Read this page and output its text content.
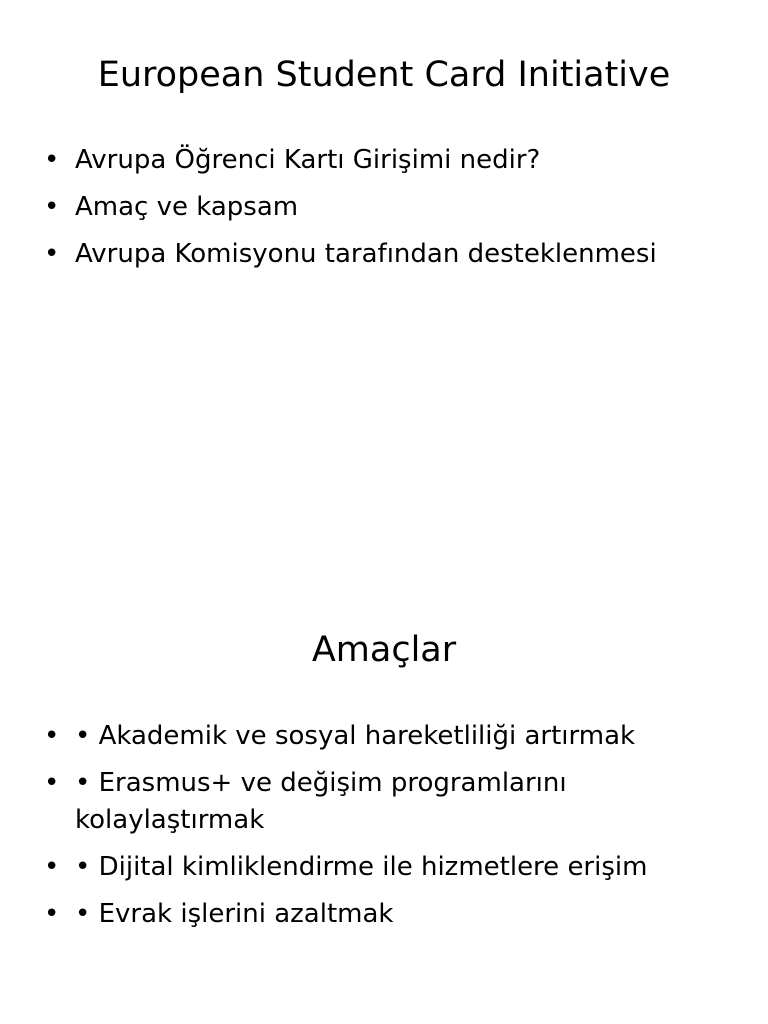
European Student Card Initiative
• Avrupa Öğrenci Kartı Girişimi nedir?
• Amaç ve kapsam
• Avrupa Komisyonu tarafından desteklenmesi
Amaçlar
• • Akademik ve sosyal hareketliliği artırmak
• • Erasmus+ ve değişim programlarını kolaylaştırmak
• • Dijital kimliklendirme ile hizmetlere erişim
• • Evrak işlerini azaltmak
